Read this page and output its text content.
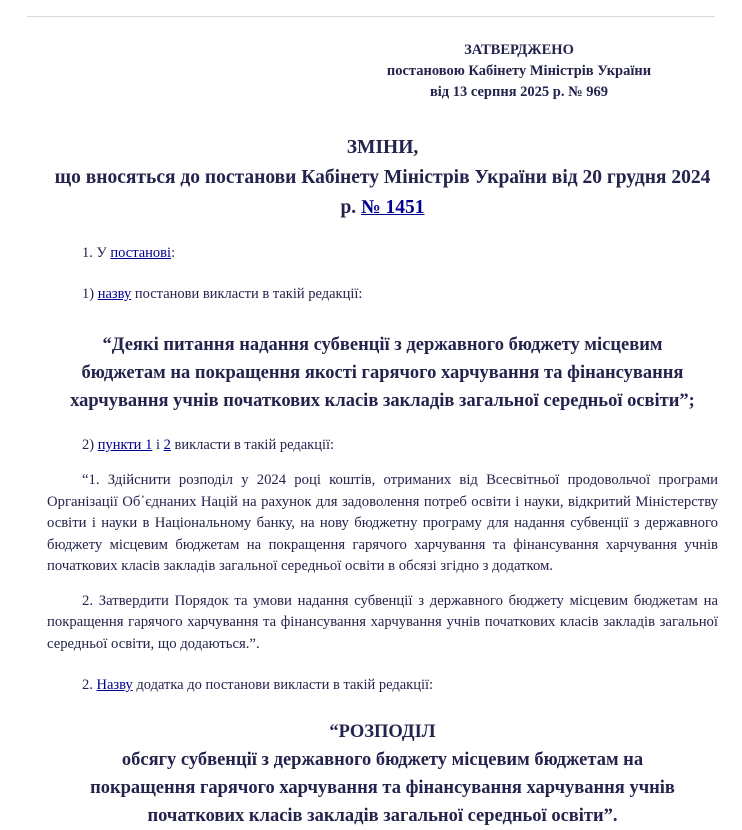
ЗАТВЕРДЖЕНО
постановою Кабінету Міністрів України
від 13 серпня 2025 р. № 969
ЗМІНИ,
що вносяться до постанови Кабінету Міністрів України від 20 грудня 2024 р. № 1451
1. У постанові:
1) назву постанови викласти в такій редакції:
“Деякі питання надання субвенції з державного бюджету місцевим бюджетам на покращення якості гарячого харчування та фінансування харчування учнів початкових класів закладів загальної середньої освіти”;
2) пункти 1 і 2 викласти в такій редакції:
“1. Здійснити розподіл у 2024 році коштів, отриманих від Всесвітньої продовольчої програми Організації Об᾽єднаних Націй на рахунок для задоволення потреб освіти і науки, відкритий Міністерству освіти і науки в Національному банку, на нову бюджетну програму для надання субвенції з державного бюджету місцевим бюджетам на покращення гарячого харчування та фінансування харчування учнів початкових класів закладів загальної середньої освіти в обсязі згідно з додатком.
2. Затвердити Порядок та умови надання субвенції з державного бюджету місцевим бюджетам на покращення гарячого харчування та фінансування харчування учнів початкових класів закладів загальної середньої освіти, що додаються.”.
2. Назву додатка до постанови викласти в такій редакції:
“РОЗПОДІЛ
обсягу субвенції з державного бюджету місцевим бюджетам на покращення гарячого харчування та фінансування харчування учнів початкових класів закладів загальної середньої освіти”.
